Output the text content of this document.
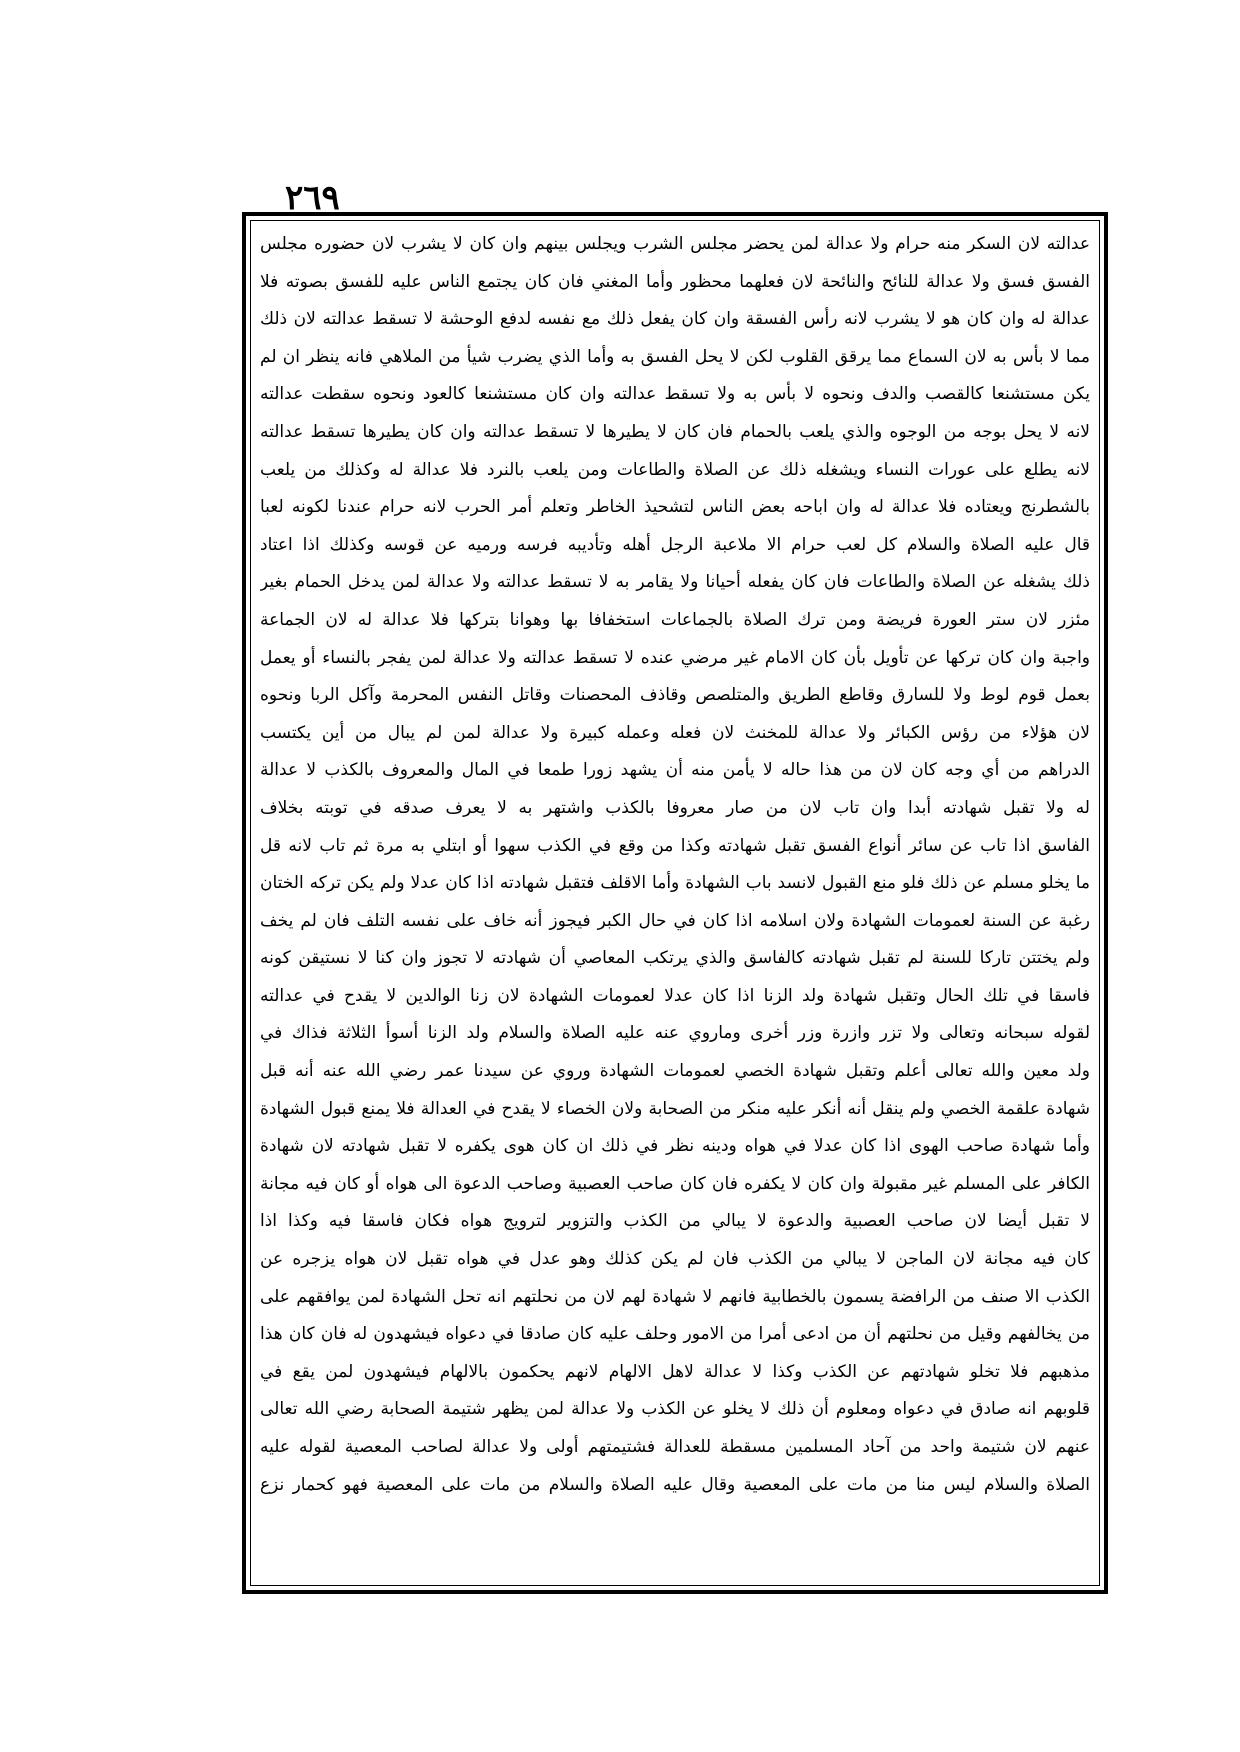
٢٦٩
عدالته لان السكر منه حرام ولا عدالة لمن يحضر مجلس الشرب ويجلس بينهم وان كان لا يشرب لان حضوره مجلس
الفسق فسق ولا عدالة للنائح والنائحة لان فعلهما محظور وأما المغني فان كان يجتمع الناس عليه للفسق بصوته فلا
عدالة له وان كان هو لا يشرب لانه رأس الفسقة وان كان يفعل ذلك مع نفسه لدفع الوحشة لا تسقط عدالته لان ذلك
مما لا بأس به لان السماع مما يرقق القلوب لكن لا يحل الفسق به وأما الذي يضرب شيأ من الملاهي فانه ينظر ان لم
يكن مستشنعا كالقصب والدف ونحوه لا بأس به ولا تسقط عدالته وان كان مستشنعا كالعود ونحوه سقطت عدالته
لانه لا يحل بوجه من الوجوه والذي يلعب بالحمام فان كان لا يطيرها لا تسقط عدالته وان كان يطيرها تسقط عدالته
لانه يطلع على عورات النساء ويشغله ذلك عن الصلاة والطاعات ومن يلعب بالنرد فلا عدالة له وكذلك من يلعب
بالشطرنج ويعتاده فلا عدالة له وان اباحه بعض الناس لتشحيذ الخاطر وتعلم أمر الحرب لانه حرام عندنا لكونه لعبا
قال عليه الصلاة والسلام كل لعب حرام الا ملاعبة الرجل أهله وتأديبه فرسه ورميه عن قوسه وكذلك اذا اعتاد
ذلك يشغله عن الصلاة والطاعات فان كان يفعله أحيانا ولا يقامر به لا تسقط عدالته ولا عدالة لمن يدخل الحمام بغير
مئزر لان ستر العورة فريضة ومن ترك الصلاة بالجماعات استخفافا بها وهوانا بتركها فلا عدالة له لان الجماعة
واجبة وان كان تركها عن تأويل بأن كان الامام غير مرضي عنده لا تسقط عدالته ولا عدالة لمن يفجر بالنساء أو يعمل
بعمل قوم لوط ولا للسارق وقاطع الطريق والمتلصص وقاذف المحصنات وقاتل النفس المحرمة وآكل الربا ونحوه
لان هؤلاء من رؤس الكبائر ولا عدالة للمخنث لان فعله وعمله كبيرة ولا عدالة لمن لم يبال من أين يكتسب
الدراهم من أي وجه كان لان من هذا حاله لا يأمن منه أن يشهد زورا طمعا في المال والمعروف بالكذب لا عدالة
له ولا تقبل شهادته أبدا وان تاب لان من صار معروفا بالكذب واشتهر به لا يعرف صدقه في توبته بخلاف
الفاسق اذا تاب عن سائر أنواع الفسق تقبل شهادته وكذا من وقع في الكذب سهوا أو ابتلي به مرة ثم تاب لانه قل
ما يخلو مسلم عن ذلك فلو منع القبول لانسد باب الشهادة وأما الاقلف فتقبل شهادته اذا كان عدلا ولم يكن تركه الختان
رغبة عن السنة لعمومات الشهادة ولان اسلامه اذا كان في حال الكبر فيجوز أنه خاف على نفسه التلف فان لم يخف
ولم يختتن تاركا للسنة لم تقبل شهادته كالفاسق والذي يرتكب المعاصي أن شهادته لا تجوز وان كنا لا نستيقن كونه
فاسقا في تلك الحال وتقبل شهادة ولد الزنا اذا كان عدلا لعمومات الشهادة لان زنا الوالدين لا يقدح في عدالته
لقوله سبحانه وتعالى ولا تزر وازرة وزر أخرى وماروي عنه عليه الصلاة والسلام ولد الزنا أسوأ الثلاثة فذاك في
ولد معين والله تعالى أعلم وتقبل شهادة الخصي لعمومات الشهادة وروي عن سيدنا عمر رضي الله عنه أنه قبل
شهادة علقمة الخصي ولم ينقل أنه أنكر عليه منكر من الصحابة ولان الخصاء لا يقدح في العدالة فلا يمنع قبول الشهادة
وأما شهادة صاحب الهوى اذا كان عدلا في هواه ودينه نظر في ذلك ان كان هوى يكفره لا تقبل شهادته لان شهادة
الكافر على المسلم غير مقبولة وان كان لا يكفره فان كان صاحب العصبية وصاحب الدعوة الى هواه أو كان فيه مجانة
لا تقبل أيضا لان صاحب العصبية والدعوة لا يبالي من الكذب والتزوير لترويج هواه فكان فاسقا فيه وكذا اذا
كان فيه مجانة لان الماجن لا يبالي من الكذب فان لم يكن كذلك وهو عدل في هواه تقبل لان هواه يزجره عن
الكذب الا صنف من الرافضة يسمون بالخطابية فانهم لا شهادة لهم لان من نحلتهم انه تحل الشهادة لمن يوافقهم على
من يخالفهم وقيل من نحلتهم أن من ادعى أمرا من الامور وحلف عليه كان صادقا في دعواه فيشهدون له فان كان هذا
مذهبهم فلا تخلو شهادتهم عن الكذب وكذا لا عدالة لاهل الالهام لانهم يحكمون بالالهام فيشهدون لمن يقع في
قلوبهم انه صادق في دعواه ومعلوم أن ذلك لا يخلو عن الكذب ولا عدالة لمن يظهر شتيمة الصحابة رضي الله تعالى
عنهم لان شتيمة واحد من آحاد المسلمين مسقطة للعدالة فشتيمتهم أولى ولا عدالة لصاحب المعصية لقوله عليه
الصلاة والسلام ليس منا من مات على المعصية وقال عليه الصلاة والسلام من مات على المعصية فهو كحمار نزع
